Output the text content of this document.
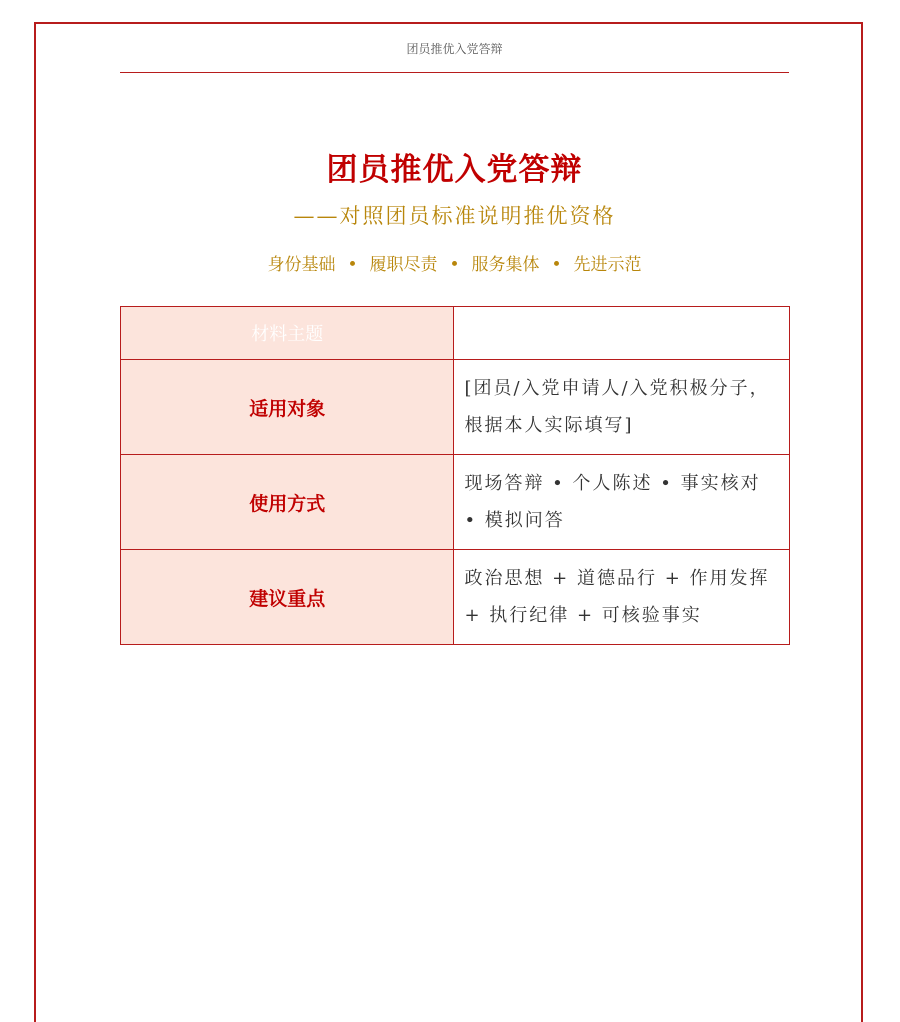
团员推优入党答辩
团员推优入党答辩
——对照团员标准说明推优资格
身份基础 • 履职尽责 • 服务集体 • 先进示范
材料主题	
适用对象	[团员/入党申请人/入党积极分子，根据本人实际填写]
使用方式	现场答辩 • 个人陈述 • 事实核对 • 模拟问答
建议重点	政治思想 + 道德品行 + 作用发挥 + 执行纪律 + 可核验事实
